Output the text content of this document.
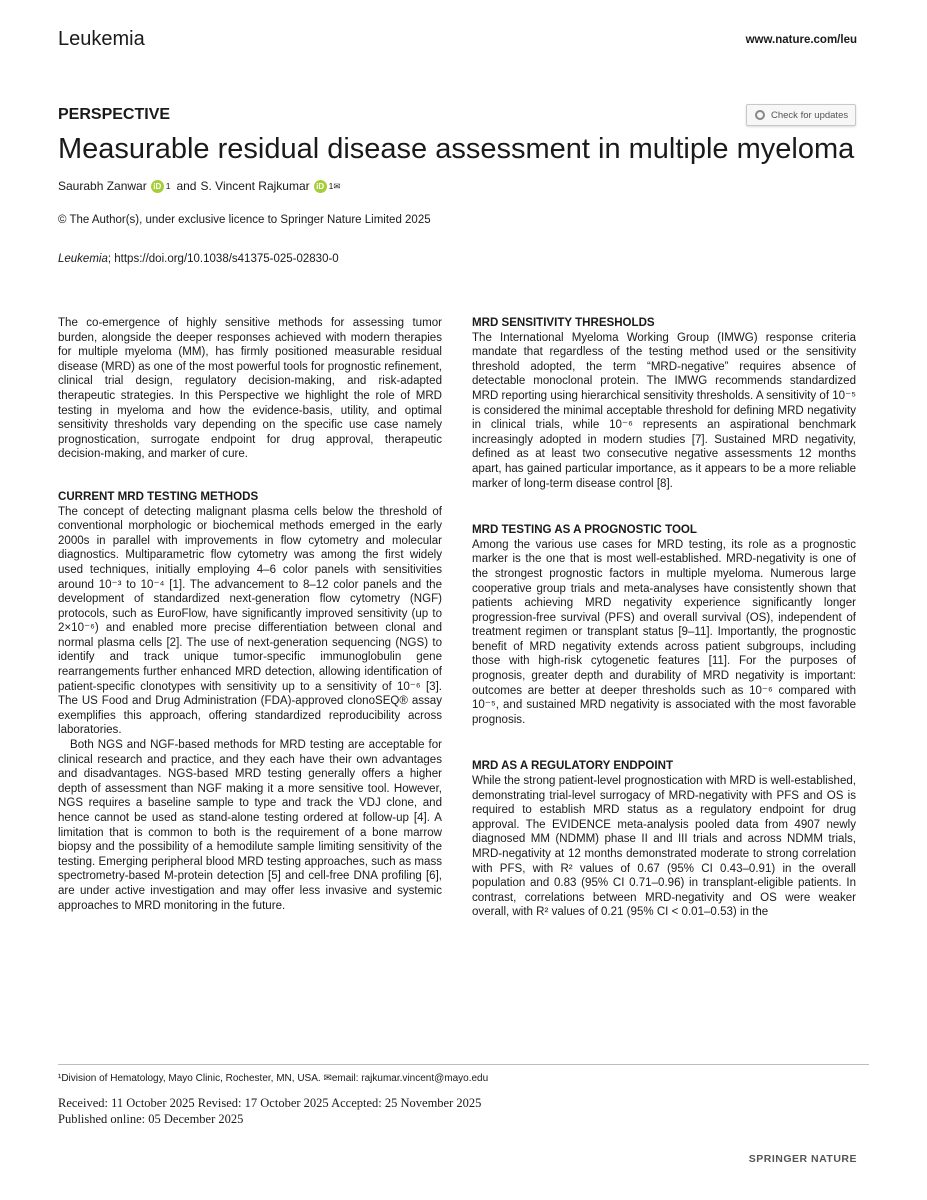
Leukemia	www.nature.com/leu
PERSPECTIVE	Check for updates
Measurable residual disease assessment in multiple myeloma
Saurabh Zanwar iD 1 and S. Vincent Rajkumar iD 1✉
© The Author(s), under exclusive licence to Springer Nature Limited 2025
Leukemia; https://doi.org/10.1038/s41375-025-02830-0

The co-emergence of highly sensitive methods for assessing tumor burden, alongside the deeper responses achieved with modern therapies for multiple myeloma (MM), has firmly positioned measurable residual disease (MRD) as one of the most powerful tools for prognostic refinement, clinical trial design, regulatory decision-making, and risk-adapted therapeutic strategies. In this Perspective we highlight the role of MRD testing in myeloma and how the evidence-basis, utility, and optimal sensitivity thresholds vary depending on the specific use case namely prognostication, surrogate endpoint for drug approval, therapeutic decision-making, and marker of cure.

CURRENT MRD TESTING METHODS

The concept of detecting malignant plasma cells below the threshold of conventional morphologic or biochemical methods emerged in the early 2000s in parallel with improvements in flow cytometry and molecular diagnostics. Multiparametric flow cytometry was among the first widely used techniques, initially employing 4–6 color panels with sensitivities around 10⁻³ to 10⁻⁴ [1]. The advancement to 8–12 color panels and the development of standardized next-generation flow cytometry (NGF) protocols, such as EuroFlow, have significantly improved sensitivity (up to 2×10⁻⁶) and enabled more precise differentiation between clonal and normal plasma cells [2]. The use of next-generation sequencing (NGS) to identify and track unique tumor-specific immunoglobulin gene rearrangements further enhanced MRD detection, allowing identification of patient-specific clonotypes with sensitivity up to a sensitivity of 10⁻⁶ [3]. The US Food and Drug Administration (FDA)-approved clonoSEQ® assay exemplifies this approach, offering standardized reproducibility across laboratories.

Both NGS and NGF-based methods for MRD testing are acceptable for clinical research and practice, and they each have their own advantages and disadvantages. NGS-based MRD testing generally offers a higher depth of assessment than NGF making it a more sensitive tool. However, NGS requires a baseline sample to type and track the VDJ clone, and hence cannot be used as stand-alone testing ordered at follow-up [4]. A limitation that is common to both is the requirement of a bone marrow biopsy and the possibility of a hemodilute sample limiting sensitivity of the testing. Emerging peripheral blood MRD testing approaches, such as mass spectrometry-based M-protein detection [5] and cell-free DNA profiling [6], are under active investigation and may offer less invasive and systemic approaches to MRD monitoring in the future.

MRD SENSITIVITY THRESHOLDS

The International Myeloma Working Group (IMWG) response criteria mandate that regardless of the testing method used or the sensitivity threshold adopted, the term “MRD-negative” requires absence of detectable monoclonal protein. The IMWG recommends standardized MRD reporting using hierarchical sensitivity thresholds. A sensitivity of 10⁻⁵ is considered the minimal acceptable threshold for defining MRD negativity in clinical trials, while 10⁻⁶ represents an aspirational benchmark increasingly adopted in modern studies [7]. Sustained MRD negativity, defined as at least two consecutive negative assessments 12 months apart, has gained particular importance, as it appears to be a more reliable marker of long-term disease control [8].

MRD TESTING AS A PROGNOSTIC TOOL

Among the various use cases for MRD testing, its role as a prognostic marker is the one that is most well-established. MRD-negativity is one of the strongest prognostic factors in multiple myeloma. Numerous large cooperative group trials and meta-analyses have consistently shown that patients achieving MRD negativity experience significantly longer progression-free survival (PFS) and overall survival (OS), independent of treatment regimen or transplant status [9–11]. Importantly, the prognostic benefit of MRD negativity extends across patient subgroups, including those with high-risk cytogenetic features [11]. For the purposes of prognosis, greater depth and durability of MRD negativity is important: outcomes are better at deeper thresholds such as 10⁻⁶ compared with 10⁻⁵, and sustained MRD negativity is associated with the most favorable prognosis.

MRD AS A REGULATORY ENDPOINT

While the strong patient-level prognostication with MRD is well-established, demonstrating trial-level surrogacy of MRD-negativity with PFS and OS is required to establish MRD status as a regulatory endpoint for drug approval. The EVIDENCE meta-analysis pooled data from 4907 newly diagnosed MM (NDMM) phase II and III trials and across NDMM trials, MRD-negativity at 12 months demonstrated moderate to strong correlation with PFS, with R² values of 0.67 (95% CI 0.43–0.91) in the overall population and 0.83 (95% CI 0.71–0.96) in transplant-eligible patients. In contrast, correlations between MRD-negativity and OS were weaker overall, with R² values of 0.21 (95% CI < 0.01–0.53) in the

¹Division of Hematology, Mayo Clinic, Rochester, MN, USA. ✉email: rajkumar.vincent@mayo.edu
Received: 11 October 2025 Revised: 17 October 2025 Accepted: 25 November 2025
Published online: 05 December 2025
SPRINGER NATURE
